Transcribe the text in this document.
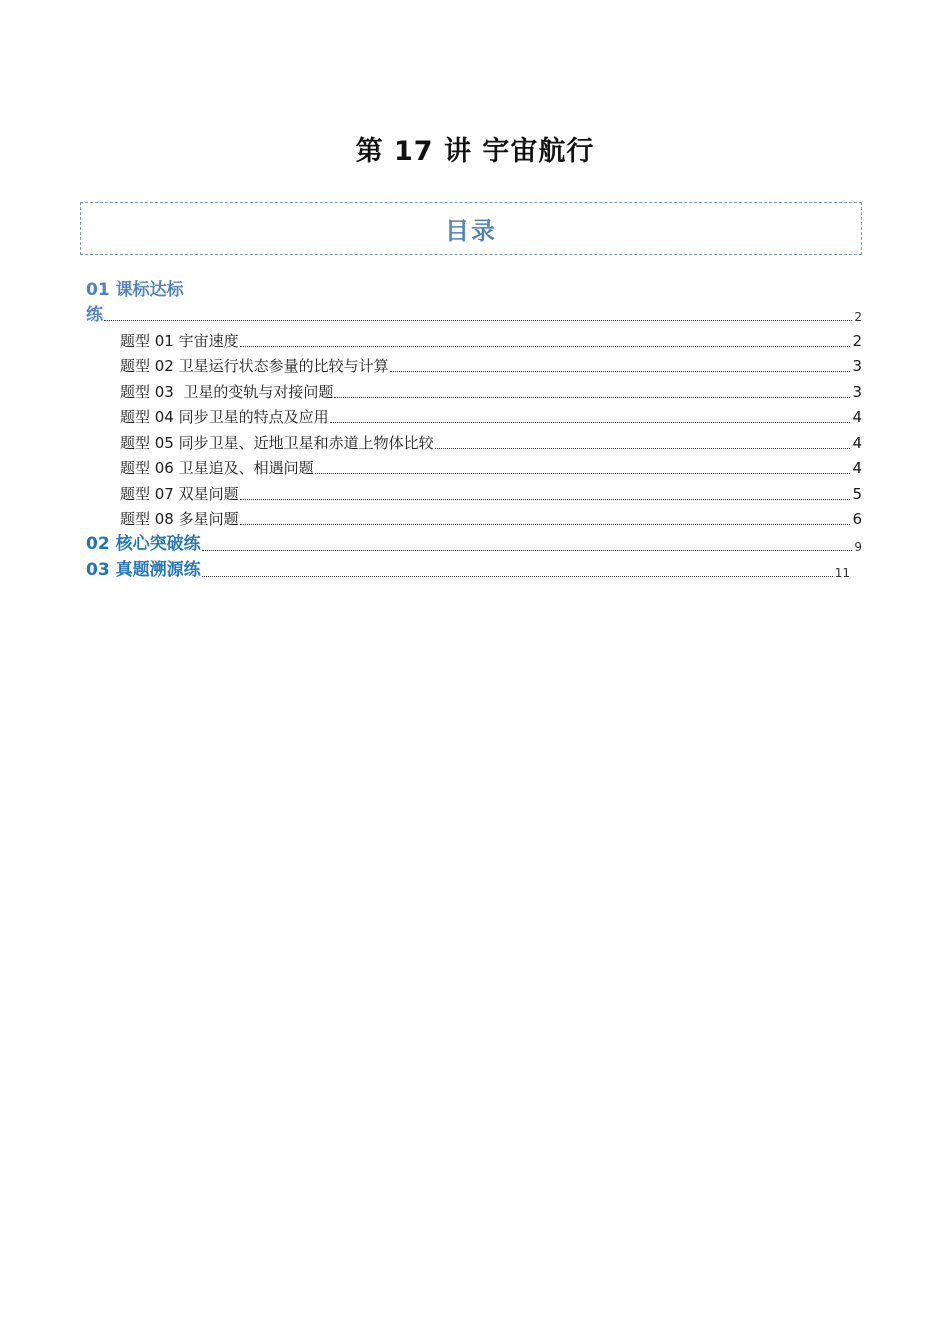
第 17 讲 宇宙航行
目录
01 课标达标
练	2
题型 01 宇宙速度	2
题型 02 卫星运行状态参量的比较与计算	3
题型 03  卫星的变轨与对接问题	3
题型 04 同步卫星的特点及应用	4
题型 05 同步卫星、近地卫星和赤道上物体比较	4
题型 06 卫星追及、相遇问题	4
题型 07 双星问题	5
题型 08 多星问题	6
02 核心突破练	9
03 真题溯源练	11
